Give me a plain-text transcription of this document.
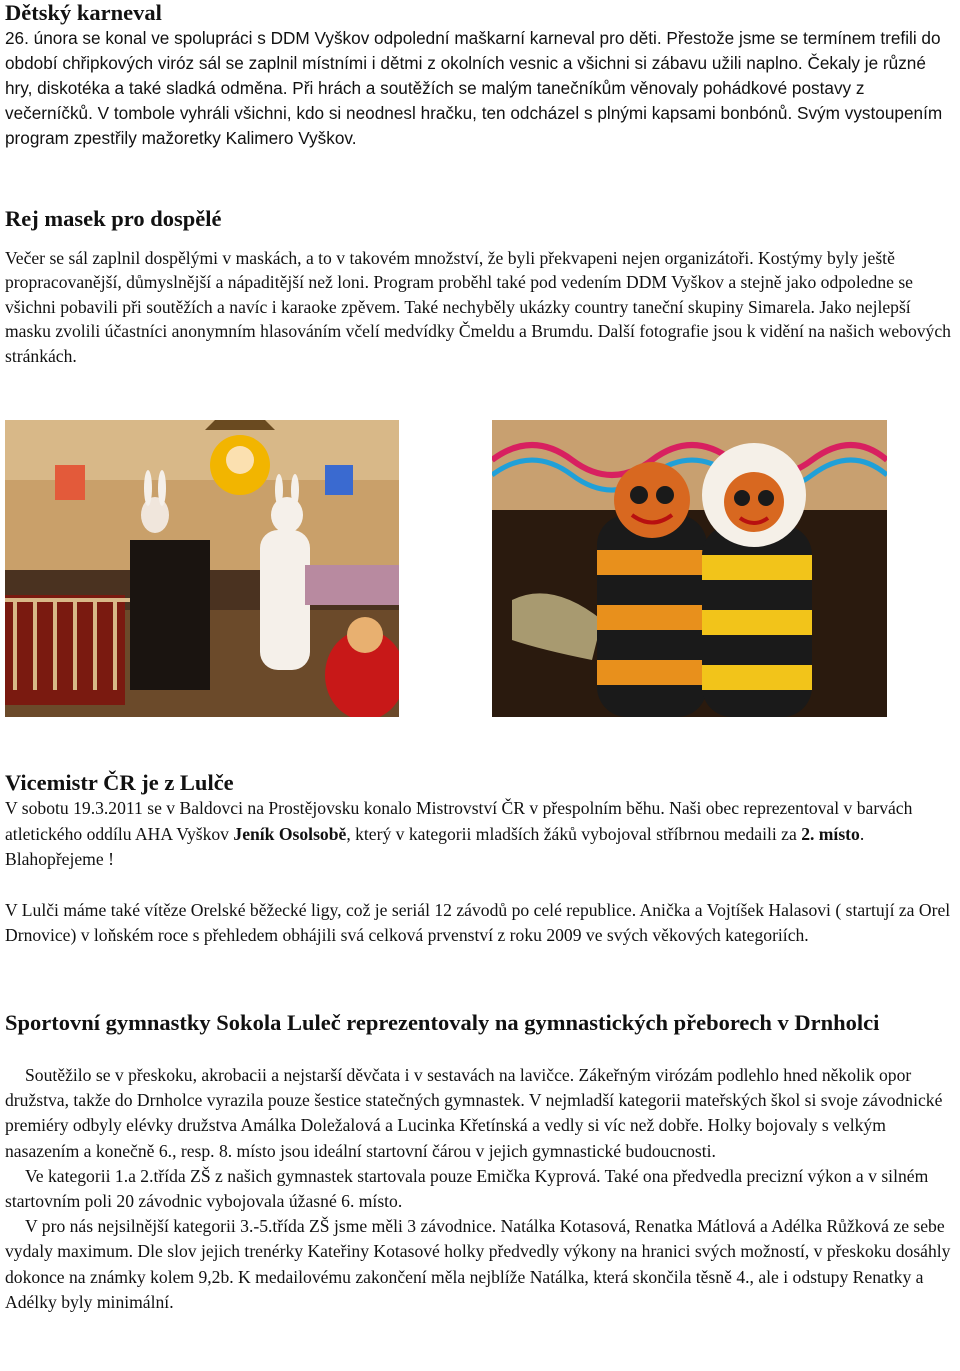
Dětský karneval

26. února se konal ve spolupráci s DDM Vyškov odpolední maškarní karneval pro děti. Přestože jsme se termínem trefili do období chřipkových viróz sál se zaplnil místními i dětmi z okolních vesnic a všichni si zábavu užili naplno. Čekaly je různé hry, diskotéka a také sladká odměna. Při hrách a soutěžích se malým tanečníkům věnovaly pohádkové postavy z večerníčků. V tombole vyhráli všichni, kdo si neodnesl hračku, ten odcházel s plnými kapsami bonbónů. Svým vystoupením program zpestřily mažoretky Kalimero Vyškov.

Rej masek pro dospělé

Večer se sál zaplnil dospělými v maskách, a to v takovém množství, že byli překvapeni nejen organizátoři. Kostýmy byly ještě propracovanější, důmyslnější a nápaditější než loni. Program proběhl také pod vedením DDM Vyškov a stejně jako odpoledne se všichni pobavili při soutěžích a navíc i karaoke zpěvem. Také nechyběly ukázky country taneční skupiny Simarela. Jako nejlepší masku zvolili účastníci anonymním hlasováním včelí medvídky Čmeldu a Brumdu. Další fotografie jsou k vidění na našich webových stránkách.

Vicemistr ČR je z Lulče

V sobotu 19.3.2011 se v Baldovci na Prostějovsku konalo Mistrovství ČR v přespolním běhu. Naši obec reprezentoval v barvách atletického oddílu AHA Vyškov Jeník Osolsobě, který v kategorii mladších žáků vybojoval stříbrnou medaili za 2. místo. Blahopřejeme !

V Lulči máme také vítěze Orelské běžecké ligy, což je seriál 12 závodů po celé republice. Anička a Vojtíšek Halasovi ( startují za Orel Drnovice) v loňském roce s přehledem obhájili svá celková prvenství z roku 2009 ve svých věkových kategoriích.

Sportovní gymnastky Sokola Luleč reprezentovaly na gymnastických přeborech v Drnholci

Soutěžilo se v přeskoku, akrobacii a nejstarší děvčata i v sestavách na lavičce. Zákeřným virózám podlehlo hned několik opor družstva, takže do Drnholce vyrazila pouze šestice statečných gymnastek. V nejmladší kategorii mateřských škol si svoje závodnické premiéry odbyly elévky družstva Amálka Doležalová a Lucinka Křetínská a vedly si víc než dobře. Holky bojovaly s velkým nasazením a konečně 6., resp. 8. místo jsou ideální startovní čárou v jejich gymnastické budoucnosti.

Ve kategorii 1.a 2.třída ZŠ z našich gymnastek startovala pouze Emička Kyprová. Také ona předvedla precizní výkon a v silném startovním poli 20 závodnic vybojovala úžasné 6. místo.

V pro nás nejsilnější kategorii 3.-5.třída ZŠ jsme měli 3 závodnice. Natálka Kotasová, Renatka Mátlová a Adélka Růžková ze sebe vydaly maximum. Dle slov jejich trenérky Kateřiny Kotasové holky předvedly výkony na hranici svých možností, v přeskoku dosáhly dokonce na známky kolem 9,2b. K medailovému zakončení měla nejblíže Natálka, která skončila těsně 4., ale i odstupy Renatky a Adélky byly minimální.
